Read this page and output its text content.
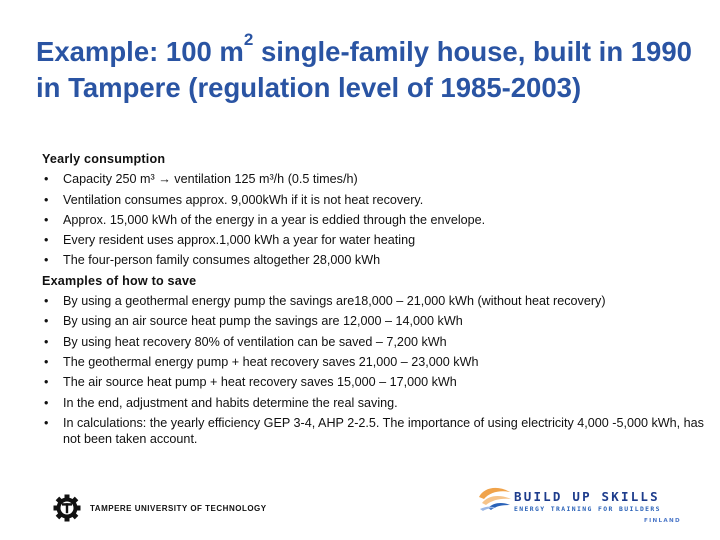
Example: 100 $m^2$ single-family house, built in 1990 in Tampere (regulation level of 1985-2003)
Yearly consumption
•	Capacity 250 m³ → ventilation 125 m³/h (0.5 times/h)
•	Ventilation consumes approx. 9,000kWh if it is not heat recovery.
•	Approx. 15,000 kWh of the energy in a year is eddied through the envelope.
•	Every resident uses approx.1,000 kWh a year for water heating
•	The four-person family consumes altogether 28,000 kWh
Examples of how to save
•	By using a geothermal energy pump the savings are18,000 – 21,000 kWh (without heat recovery)
•	By using an air source heat pump the savings are 12,000 – 14,000 kWh
•	By using heat recovery 80% of ventilation can be saved – 7,200 kWh
•	The geothermal energy pump + heat recovery saves 21,000 – 23,000 kWh
•	The air source heat pump + heat recovery saves 15,000 – 17,000 kWh
•	In the end, adjustment and habits determine the real saving.
•	In calculations: the yearly efficiency GEP 3-4, AHP 2-2.5. The importance of using electricity 4,000 -5,000 kWh, has not been taken account.
TAMPERE UNIVERSITY OF TECHNOLOGY
BUILD UP SKILLS
ENERGY TRAINING FOR BUILDERS
FINLAND
